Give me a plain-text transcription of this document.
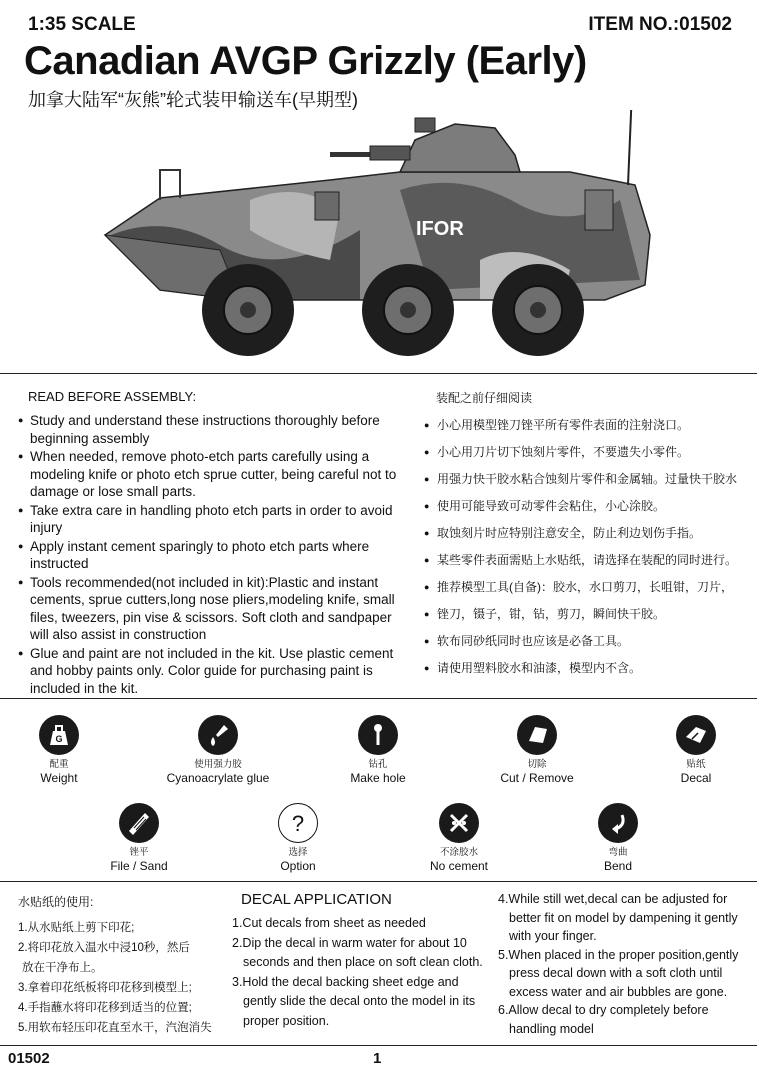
1:35 SCALE	ITEM NO.:01502
Canadian AVGP Grizzly (Early)
加拿大陆军“灰熊”轮式装甲输送车(早期型)
IFOR
READ BEFORE ASSEMBLY:
● Study and understand these instructions thoroughly before beginning assembly
● When needed, remove photo-etch parts carefully using a modeling knife or photo etch sprue cutter, being careful not to damage or lose small parts.
● Take extra care in handling photo etch parts in order to avoid injury
● Apply instant cement sparingly to photo etch parts where instructed
● Tools recommended(not included in kit):Plastic and instant cements, sprue cutters,long nose pliers,modeling knife, small files, tweezers, pin vise & scissors. Soft cloth and sandpaper will also assist in construction
● Glue and paint are not included in the kit. Use plastic cement and hobby paints only. Color guide for purchasing paint is included in the kit.
装配之前仔细阅读
● 小心用模型锉刀锉平所有零件表面的注射浇口。
● 小心用刀片切下蚀刻片零件，不要遗失小零件。
● 用强力快干胶水粘合蚀刻片零件和金属轴。过量快干胶水
● 使用可能导致可动零件会粘住，小心涂胶。
● 取蚀刻片时应特别注意安全，防止利边划伤手指。
● 某些零件表面需贴上水贴纸，请选择在装配的同时进行。
● 推荐模型工具(自备)：胶水，水口剪刀，长咀钳，刀片，
● 锉刀，镊子，钳，钻，剪刀，瞬间快干胶。
● 软布同砂纸同时也应该是必备工具。
● 请使用塑料胶水和油漆，模型内不含。
G
配重
Weight
使用强力胶
Cyanoacrylate glue
钻孔
Make hole
切除
Cut / Remove
贴纸
Decal
锉平
File / Sand
?
选择
Option
不涂胶水
No cement
弯曲
Bend
水贴纸的使用:
1.从水贴纸上剪下印花;
2.将印花放入温水中浸10秒，然后
放在干净布上。
3.拿着印花纸板将印花移到模型上;
4.手指蘸水将印花移到适当的位置;
5.用软布轻压印花直至水干，汽泡消失
DECAL APPLICATION
1.Cut decals from sheet as needed
2.Dip the decal in warm water for about 10 seconds and then place on soft clean cloth.
3.Hold the decal backing sheet edge and gently slide the decal onto the model in its proper position.
4.While still wet,decal can be adjusted for better fit on model by dampening it gently with your finger.
5.When placed in the proper position,gently press decal down with a soft cloth until excess water and air bubbles are gone.
6.Allow decal to dry completely before handling model
01502	1
